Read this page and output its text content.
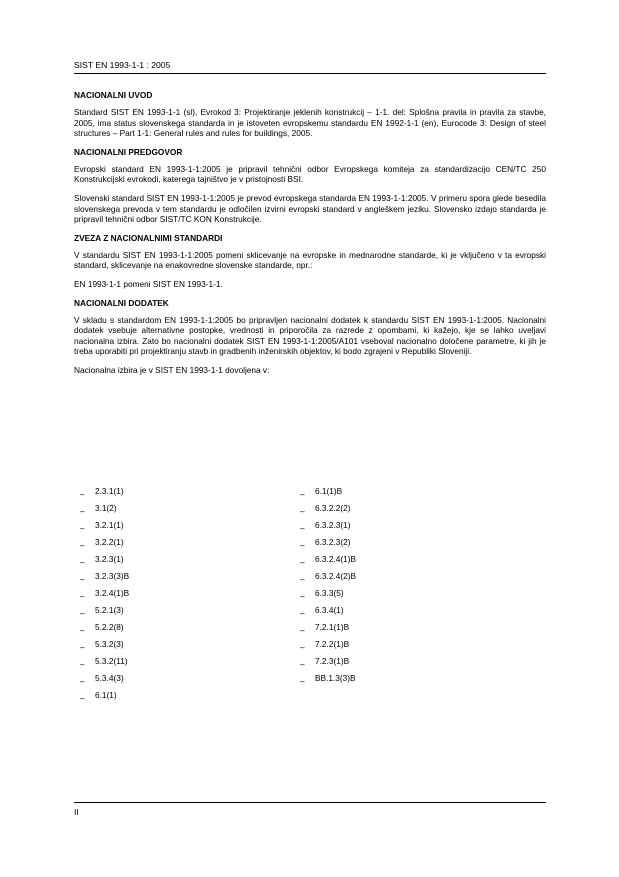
SIST EN 1993-1-1 : 2005
NACIONALNI UVOD

Standard SIST EN 1993-1-1 (sl), Evrokod 3: Projektiranje jeklenih konstrukcij – 1-1. del: Splošna pravila in pravila za stavbe, 2005, ima status slovenskega standarda in je istoveten evropskemu standardu EN 1992-1-1 (en), Eurocode 3: Design of steel structures – Part 1-1: General rules and rules for buildings, 2005.

NACIONALNI PREDGOVOR

Evropski standard EN 1993-1-1:2005 je pripravil tehnični odbor Evropskega komiteja za standardizacijo CEN/TC 250 Konstrukcijski evrokodi, katerega tajništvo je v pristojnosti BSI.

Slovenski standard SIST EN 1993-1-1:2005 je prevod evropskega standarda EN 1993-1-1:2005. V primeru spora glede besedila slovenskega prevoda v tem standardu je odločilen izvirni evropski standard v angleškem jeziku. Slovensko izdajo standarda je pripravil tehnični odbor SIST/TC KON Konstrukcije.

ZVEZA Z NACIONALNIMI STANDARDI

V standardu SIST EN 1993-1-1:2005 pomeni sklicevanje na evropske in mednarodne standarde, ki je vključeno v ta evropski standard, sklicevanje na enakovredne slovenske standarde, npr.:

EN 1993-1-1 pomeni SIST EN 1993-1-1.

NACIONALNI DODATEK

V skladu s standardom EN 1993-1-1:2005 bo pripravljen nacionalni dodatek k standardu SIST EN 1993-1-1:2005. Nacionalni dodatek vsebuje alternativne postopke, vrednosti in priporočila za razrede z opombami, ki kažejo, kje se lahko uveljavi nacionalna izbira. Zato bo nacionalni dodatek SIST EN 1993-1-1:2005/A101 vseboval nacionalno določene parametre, ki jih je treba uporabiti pri projektiranju stavb in gradbenih inženirskih objektov, ki bodo zgrajeni v Republiki Sloveniji.

Nacionalna izbira je v SIST EN 1993-1-1 dovoljena v:

– 2.3.1(1)
– 3.1(2)
– 3.2.1(1)
– 3.2.2(1)
– 3.2.3(1)
– 3.2.3(3)B
– 3.2.4(1)B
– 5.2.1(3)
– 5.2.2(8)
– 5.3.2(3)
– 5.3.2(11)
– 5.3.4(3)
– 6.1(1)
– 6.1(1)B
– 6.3.2.2(2)
– 6.3.2.3(1)
– 6.3.2.3(2)
– 6.3.2.4(1)B
– 6.3.2.4(2)B
– 6.3.3(5)
– 6.3.4(1)
– 7.2.1(1)B
– 7.2.2(1)B
– 7.2.3(1)B
– BB.1.3(3)B
II
